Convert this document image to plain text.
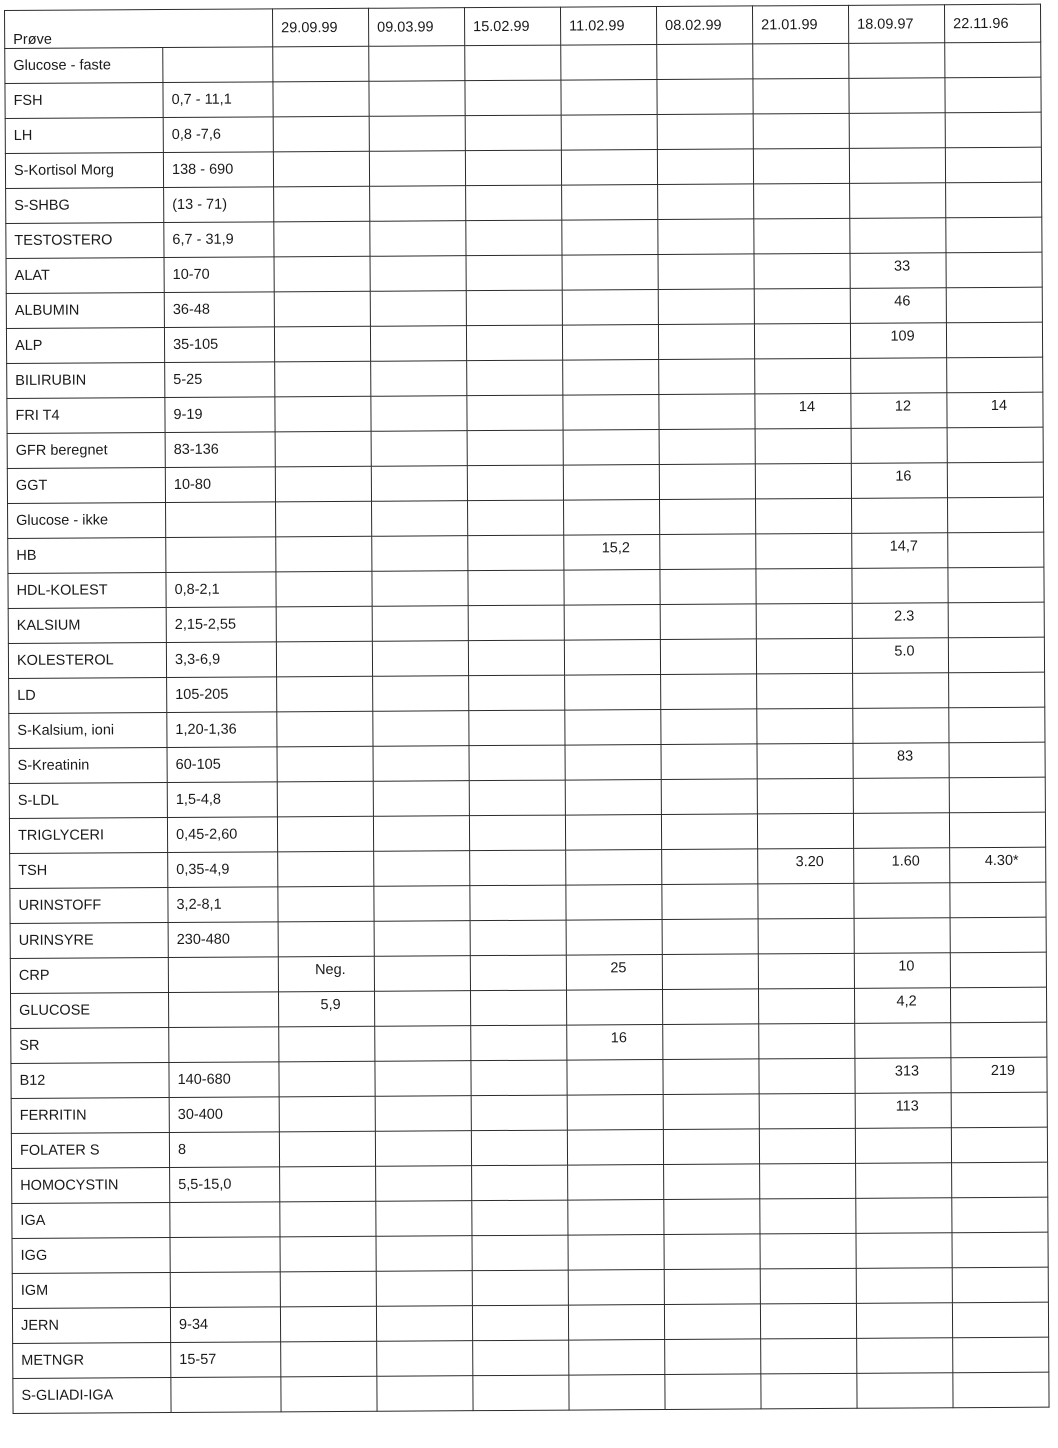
Prøve		29.09.99	09.03.99	15.02.99	11.02.99	08.02.99	21.01.99	18.09.97	22.11.96
Glucose - faste									
FSH	0,7 - 11,1								
LH	0,8 -7,6								
S-Kortisol Morg	138 - 690								
S-SHBG	(13 - 71)								
TESTOSTERO	6,7 - 31,9								
ALAT	10-70							33	
ALBUMIN	36-48							46	
ALP	35-105							109	
BILIRUBIN	5-25								
FRI T4	9-19						14	12	14
GFR beregnet	83-136								
GGT	10-80							16	
Glucose - ikke									
HB					15,2			14,7	
HDL-KOLEST	0,8-2,1								
KALSIUM	2,15-2,55							2.3	
KOLESTEROL	3,3-6,9							5.0	
LD	105-205								
S-Kalsium, ioni	1,20-1,36								
S-Kreatinin	60-105							83	
S-LDL	1,5-4,8								
TRIGLYCERI	0,45-2,60								
TSH	0,35-4,9						3.20	1.60	4.30*
URINSTOFF	3,2-8,1								
URINSYRE	230-480								
CRP		Neg.			25			10	
GLUCOSE		5,9						4,2	
SR					16				
B12	140-680							313	219
FERRITIN	30-400							113	
FOLATER S	8								
HOMOCYSTIN	5,5-15,0								
IGA									
IGG									
IGM									
JERN	9-34								
METNGR	15-57								
S-GLIADI-IGA									
